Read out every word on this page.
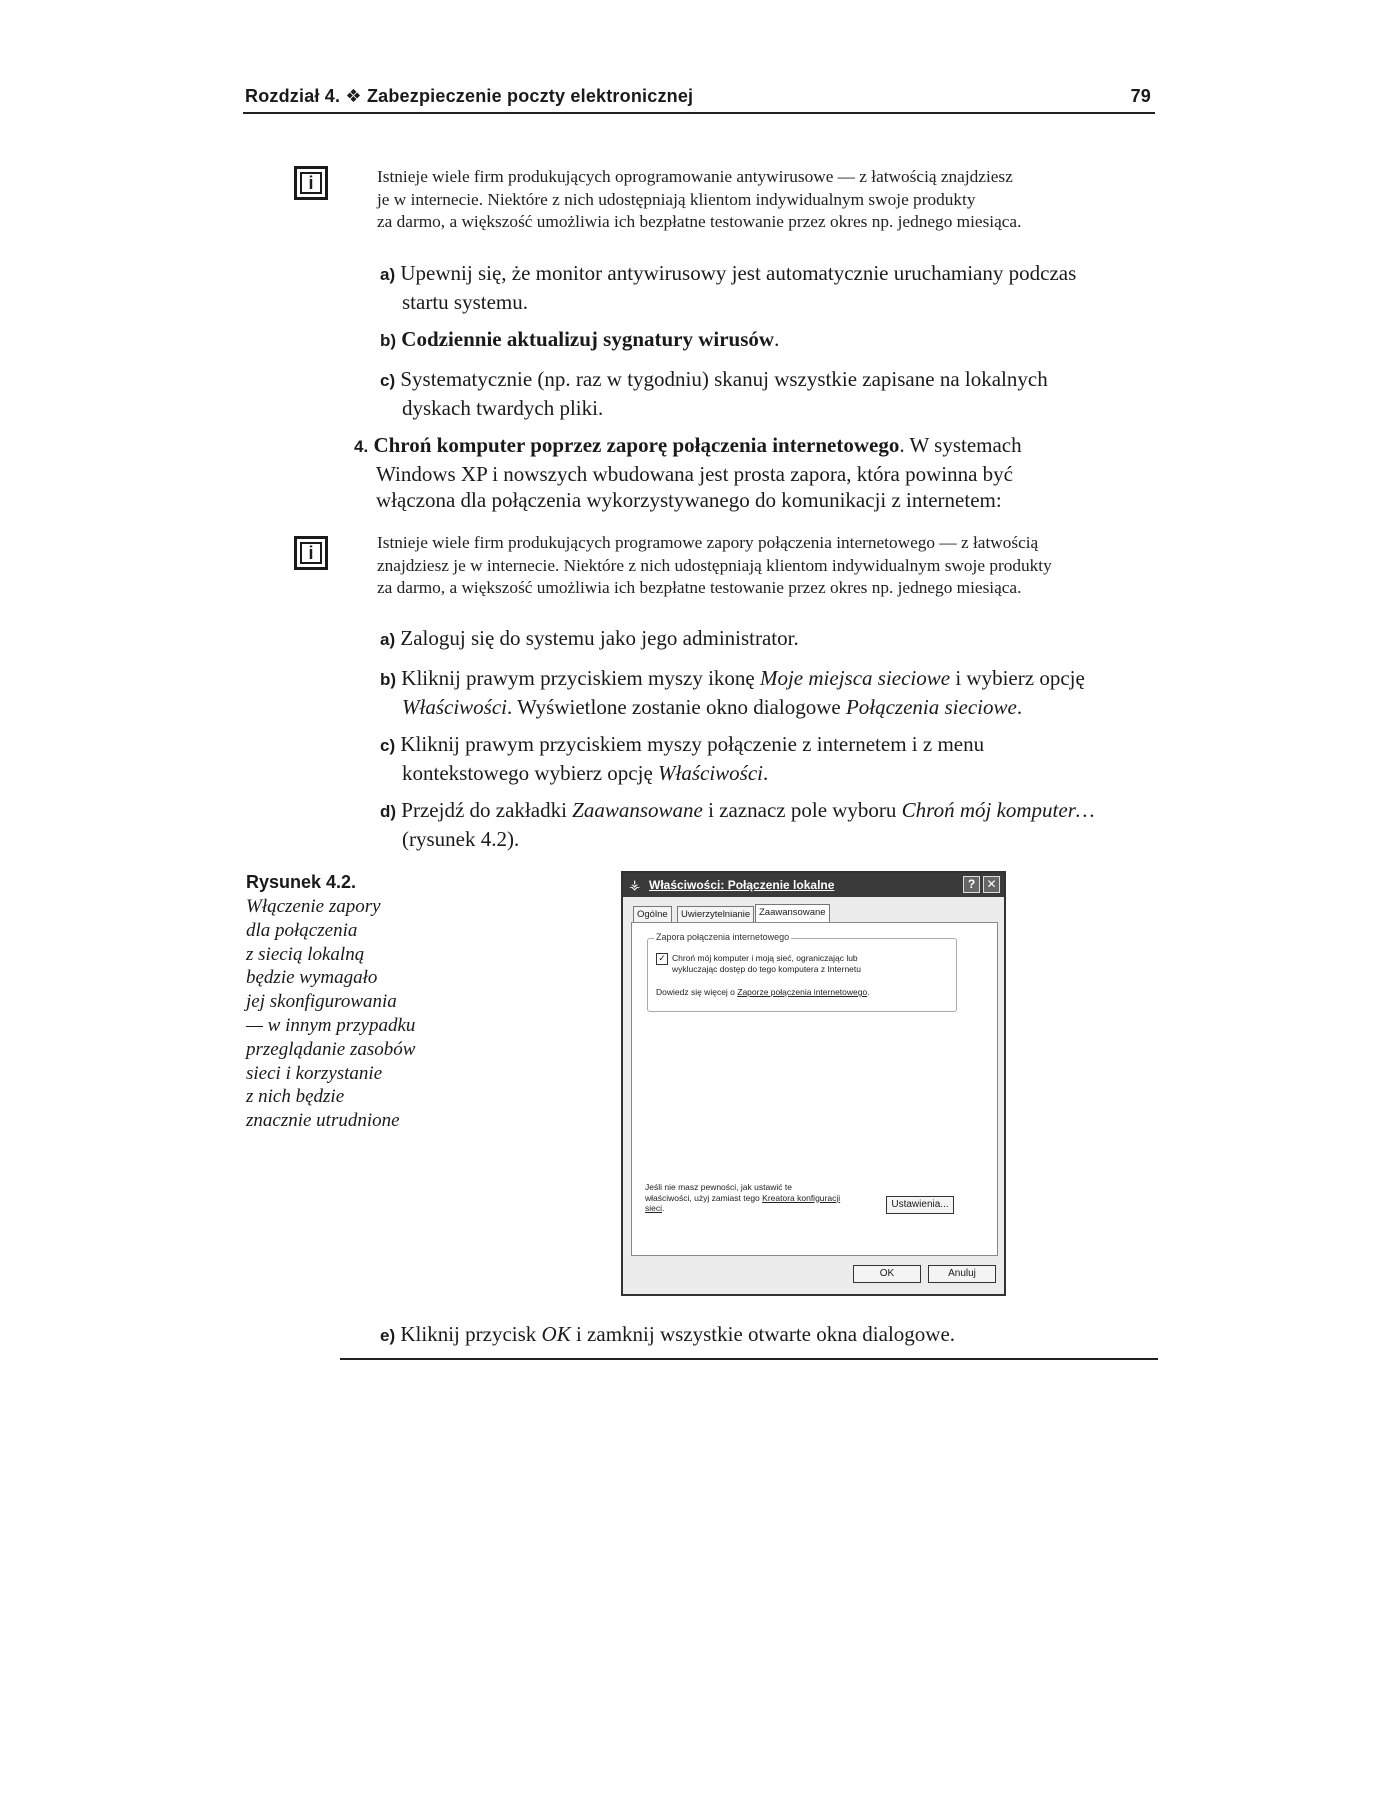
Rozdział 4. ❖ Zabezpieczenie poczty elektronicznej	79
i	Istnieje wiele firm produkujących oprogramowanie antywirusowe — z łatwością znajdziesz
je w internecie. Niektóre z nich udostępniają klientom indywidualnym swoje produkty
za darmo, a większość umożliwia ich bezpłatne testowanie przez okres np. jednego miesiąca.
a) Upewnij się, że monitor antywirusowy jest automatycznie uruchamiany podczas
startu systemu.
b) Codziennie aktualizuj sygnatury wirusów.
c) Systematycznie (np. raz w tygodniu) skanuj wszystkie zapisane na lokalnych
dyskach twardych pliki.
4. Chroń komputer poprzez zaporę połączenia internetowego. W systemach
Windows XP i nowszych wbudowana jest prosta zapora, która powinna być
włączona dla połączenia wykorzystywanego do komunikacji z internetem:
i
Istnieje wiele firm produkujących programowe zapory połączenia internetowego — z łatwością
znajdziesz je w internecie. Niektóre z nich udostępniają klientom indywidualnym swoje produkty
za darmo, a większość umożliwia ich bezpłatne testowanie przez okres np. jednego miesiąca.
a) Zaloguj się do systemu jako jego administrator.
b) Kliknij prawym przyciskiem myszy ikonę Moje miejsca sieciowe i wybierz opcję
Właściwości. Wyświetlone zostanie okno dialogowe Połączenia sieciowe.
c) Kliknij prawym przyciskiem myszy połączenie z internetem i z menu
kontekstowego wybierz opcję Właściwości.
d) Przejdź do zakładki Zaawansowane i zaznacz pole wyboru Chroń mój komputer…
(rysunek 4.2).
Rysunek 4.2.
Włączenie zapory
dla połączenia
z siecią lokalną
będzie wymagało
jej skonfigurowania
— w innym przypadku
przeglądanie zasobów
sieci i korzystanie
z nich będzie
znacznie utrudnione
⚶ Właściwości: Połączenie lokalne	? ✕
Ogólne	Uwierzytelnianie Zaawansowane
Zapora połączenia internetowego
✓ Chroń mój komputer i moją sieć, ograniczając lub
wykluczając dostęp do tego komputera z Internetu
Dowiedz się więcej o Zaporze połączenia internetowego.
Jeśli nie masz pewności, jak ustawić te
właściwości, użyj zamiast tego Kreatora konfiguracji
sieci.	Ustawienia...
OK	Anuluj
e) Kliknij przycisk OK i zamknij wszystkie otwarte okna dialogowe.
